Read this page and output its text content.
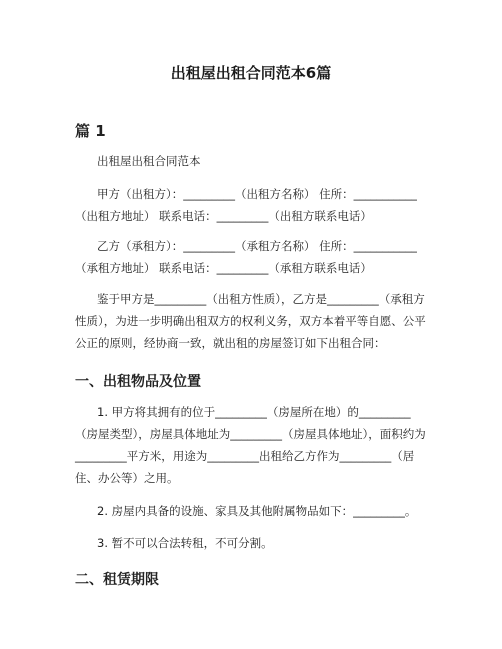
出租屋出租合同范本6篇
篇 1

出租屋出租合同范本

甲方（出租方）：_________（出租方名称） 住所：___________（出租方地址） 联系电话：_________（出租方联系电话）

乙方（承租方）：_________（承租方名称） 住所：___________（承租方地址） 联系电话：_________（承租方联系电话）

鉴于甲方是_________（出租方性质），乙方是_________（承租方性质），为进一步明确出租双方的权利义务，双方本着平等自愿、公平公正的原则，经协商一致，就出租的房屋签订如下出租合同：

一、出租物品及位置

1. 甲方将其拥有的位于_________（房屋所在地）的_________（房屋类型），房屋具体地址为_________（房屋具体地址），面积约为_________平方米，用途为_________出租给乙方作为_________（居住、办公等）之用。

2. 房屋内具备的设施、家具及其他附属物品如下：_________。

3. 暂不可以合法转租，不可分割。

二、租赁期限
